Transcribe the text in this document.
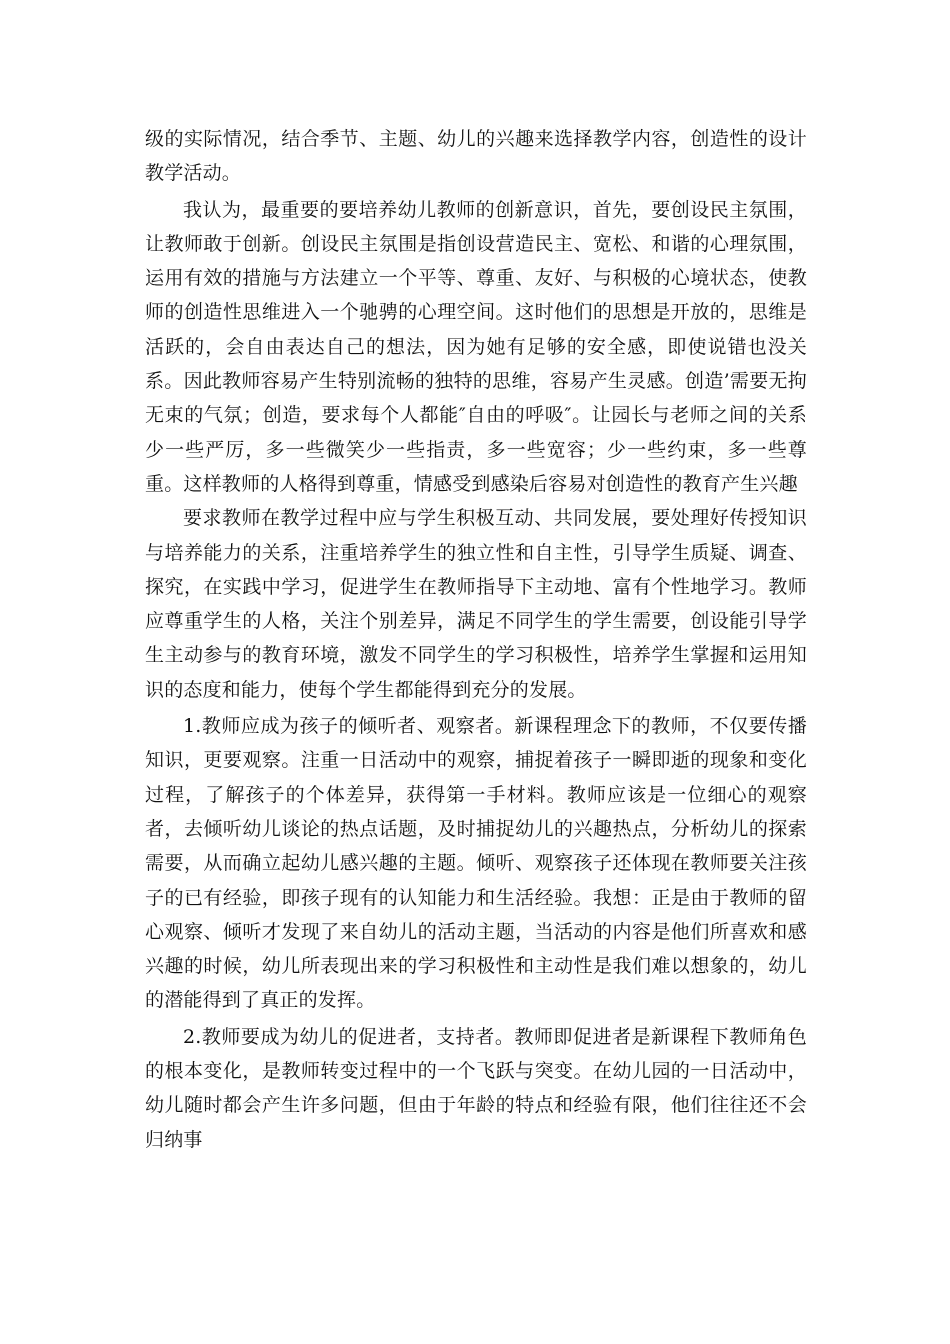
级的实际情况，结合季节、主题、幼儿的兴趣来选择教学内容，创造性的设计教学活动。

我认为，最重要的要培养幼儿教师的创新意识，首先，要创设民主氛围，让教师敢于创新。创设民主氛围是指创设营造民主、宽松、和谐的心理氛围，运用有效的措施与方法建立一个平等、尊重、友好、与积极的心境状态，使教师的创造性思维进入一个驰骋的心理空间。这时他们的思想是开放的，思维是活跃的，会自由表达自己的想法，因为她有足够的安全感，即使说错也没关系。因此教师容易产生特别流畅的独特的思维，容易产生灵感。创造’需要无拘无束的气氛；创造，要求每个人都能″自由的呼吸″。让园长与老师之间的关系少一些严厉，多一些微笑少一些指责，多一些宽容；少一些约束，多一些尊重。这样教师的人格得到尊重，情感受到感染后容易对创造性的教育产生兴趣

要求教师在教学过程中应与学生积极互动、共同发展，要处理好传授知识与培养能力的关系，注重培养学生的独立性和自主性，引导学生质疑、调查、探究，在实践中学习，促进学生在教师指导下主动地、富有个性地学习。教师应尊重学生的人格，关注个别差异，满足不同学生的学生需要，创设能引导学生主动参与的教育环境，激发不同学生的学习积极性，培养学生掌握和运用知识的态度和能力，使每个学生都能得到充分的发展。

1.教师应成为孩子的倾听者、观察者。新课程理念下的教师，不仅要传播知识，更要观察。注重一日活动中的观察，捕捉着孩子一瞬即逝的现象和变化过程，了解孩子的个体差异，获得第一手材料。教师应该是一位细心的观察者，去倾听幼儿谈论的热点话题，及时捕捉幼儿的兴趣热点，分析幼儿的探索需要，从而确立起幼儿感兴趣的主题。倾听、观察孩子还体现在教师要关注孩子的已有经验，即孩子现有的认知能力和生活经验。我想：正是由于教师的留心观察、倾听才发现了来自幼儿的活动主题，当活动的内容是他们所喜欢和感兴趣的时候，幼儿所表现出来的学习积极性和主动性是我们难以想象的，幼儿的潜能得到了真正的发挥。

2.教师要成为幼儿的促进者，支持者。教师即促进者是新课程下教师角色的根本变化，是教师转变过程中的一个飞跃与突变。在幼儿园的一日活动中，幼儿随时都会产生许多问题，但由于年龄的特点和经验有限，他们往往还不会归纳事
